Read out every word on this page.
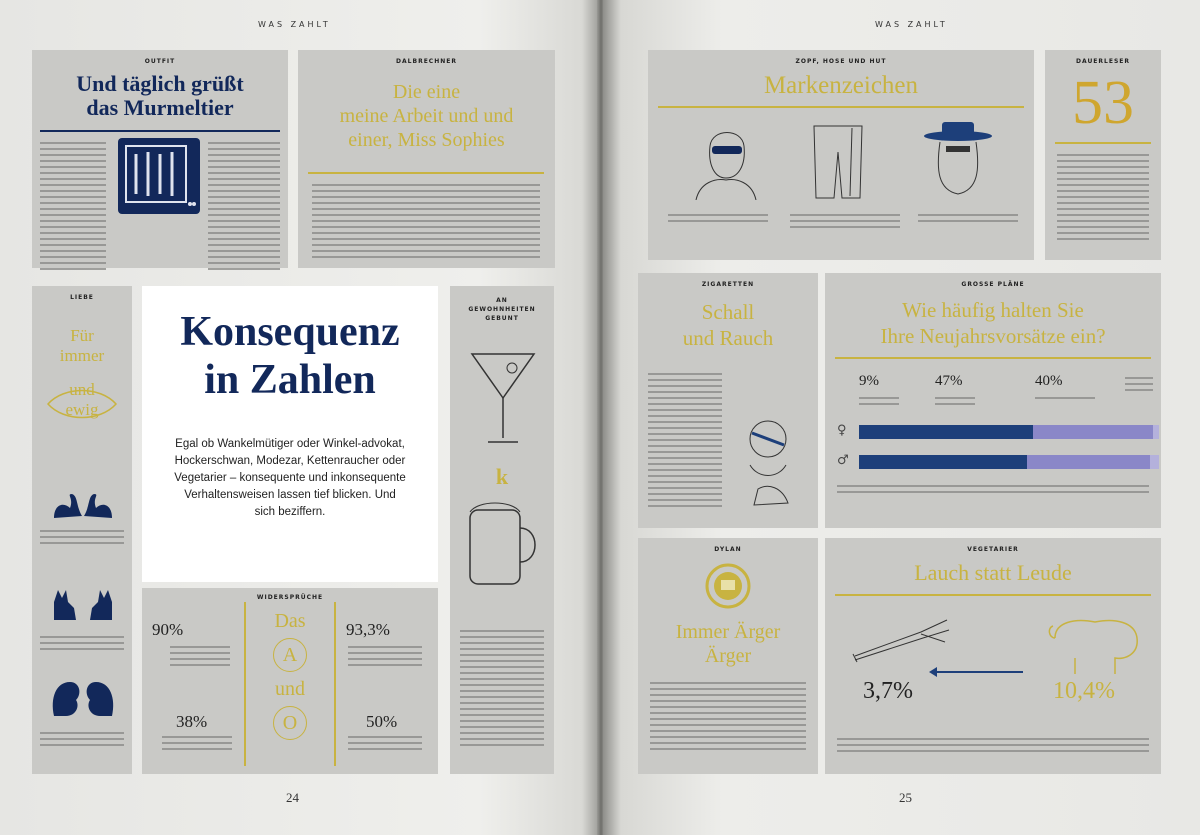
WAS ZAHLT
OUTFIT
Und täglich grüßt
das Murmeltier
DALBRECHNER
Die eine
meine Arbeit und und
einer, Miss Sophies
LIEBE
Für
immer
und
ewig
Konsequenz
in Zahlen
Egal ob Wankelmütiger oder Winkel-advokat, Hockerschwan, Modezar, Kettenraucher oder Vegetarier – konsequente und inkonsequente Verhaltensweisen lassen tief blicken. Und sich beziffern.
AN
GEWOHNHEITEN
GEBUNT
k
WIDERSPRÜCHE
Das
A
und
O
90%
38%
93,3%
50%
24
WAS ZAHLT
ZOPF, HOSE UND HUT
Markenzeichen
DAUERLESER
53
ZIGARETTEN
Schall
und Rauch
GROSSE PLÄNE
Wie häufig halten Sie
Ihre Neujahrsvorsätze ein?
9%	47%	40%
♀
♂
DYLAN
Immer Ärger
Ärger
VEGETARIER
Lauch statt Leude
3,7%	10,4%
25
